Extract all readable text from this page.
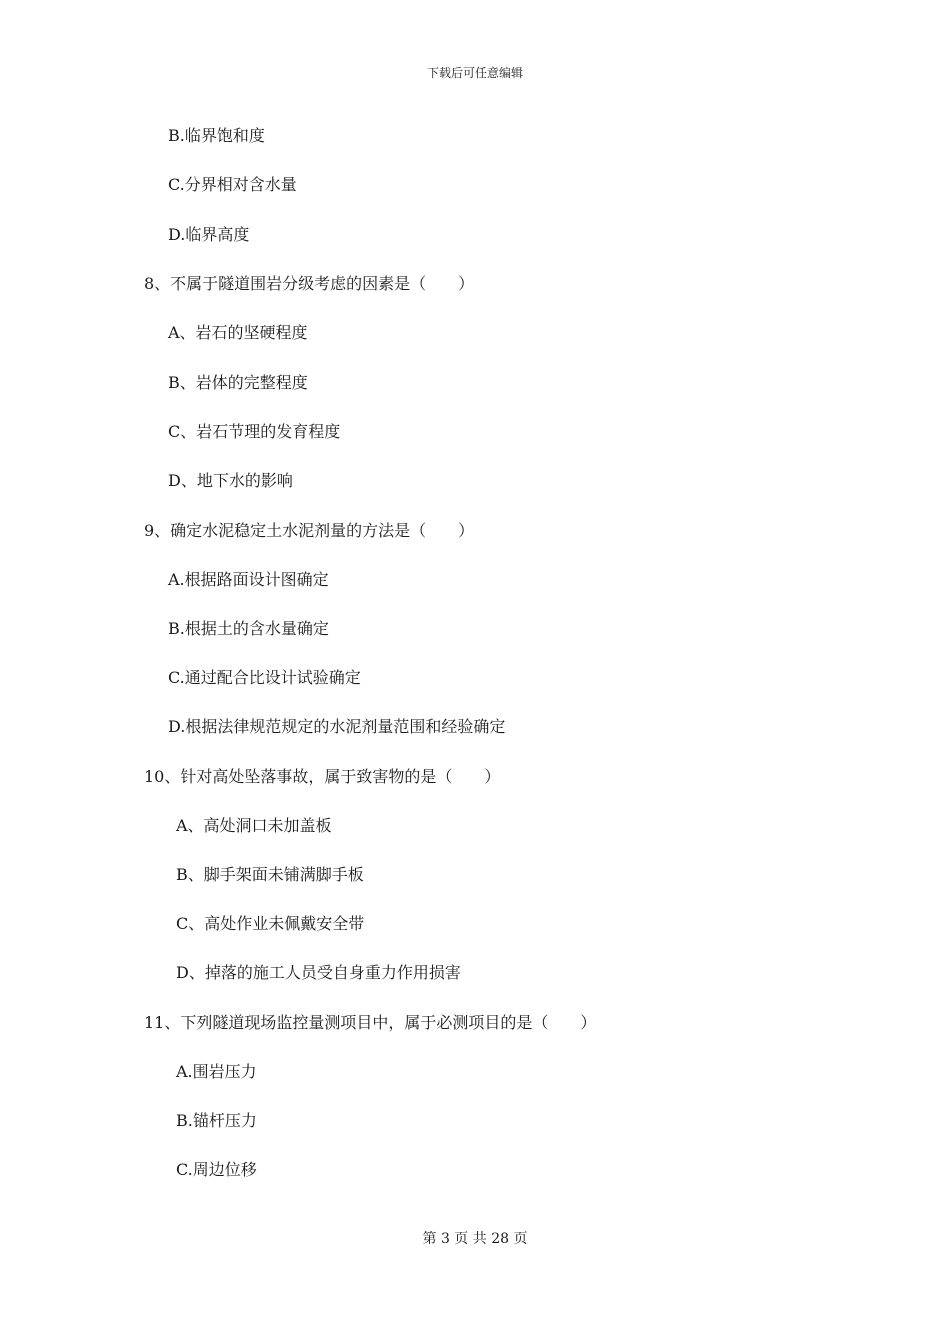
下载后可任意编辑
B.临界饱和度
C.分界相对含水量
D.临界高度
8、不属于隧道围岩分级考虑的因素是（　　）
A、岩石的坚硬程度
B、岩体的完整程度
C、岩石节理的发育程度
D、地下水的影响
9、确定水泥稳定土水泥剂量的方法是（　　）
A.根据路面设计图确定
B.根据土的含水量确定
C.通过配合比设计试验确定
D.根据法律规范规定的水泥剂量范围和经验确定
10、针对高处坠落事故，属于致害物的是（　　）
A、高处洞口未加盖板
B、脚手架面未铺满脚手板
C、高处作业未佩戴安全带
D、掉落的施工人员受自身重力作用损害
11、下列隧道现场监控量测项目中，属于必测项目的是（　　）
A.围岩压力
B.锚杆压力
C.周边位移
第 3 页 共 28 页
